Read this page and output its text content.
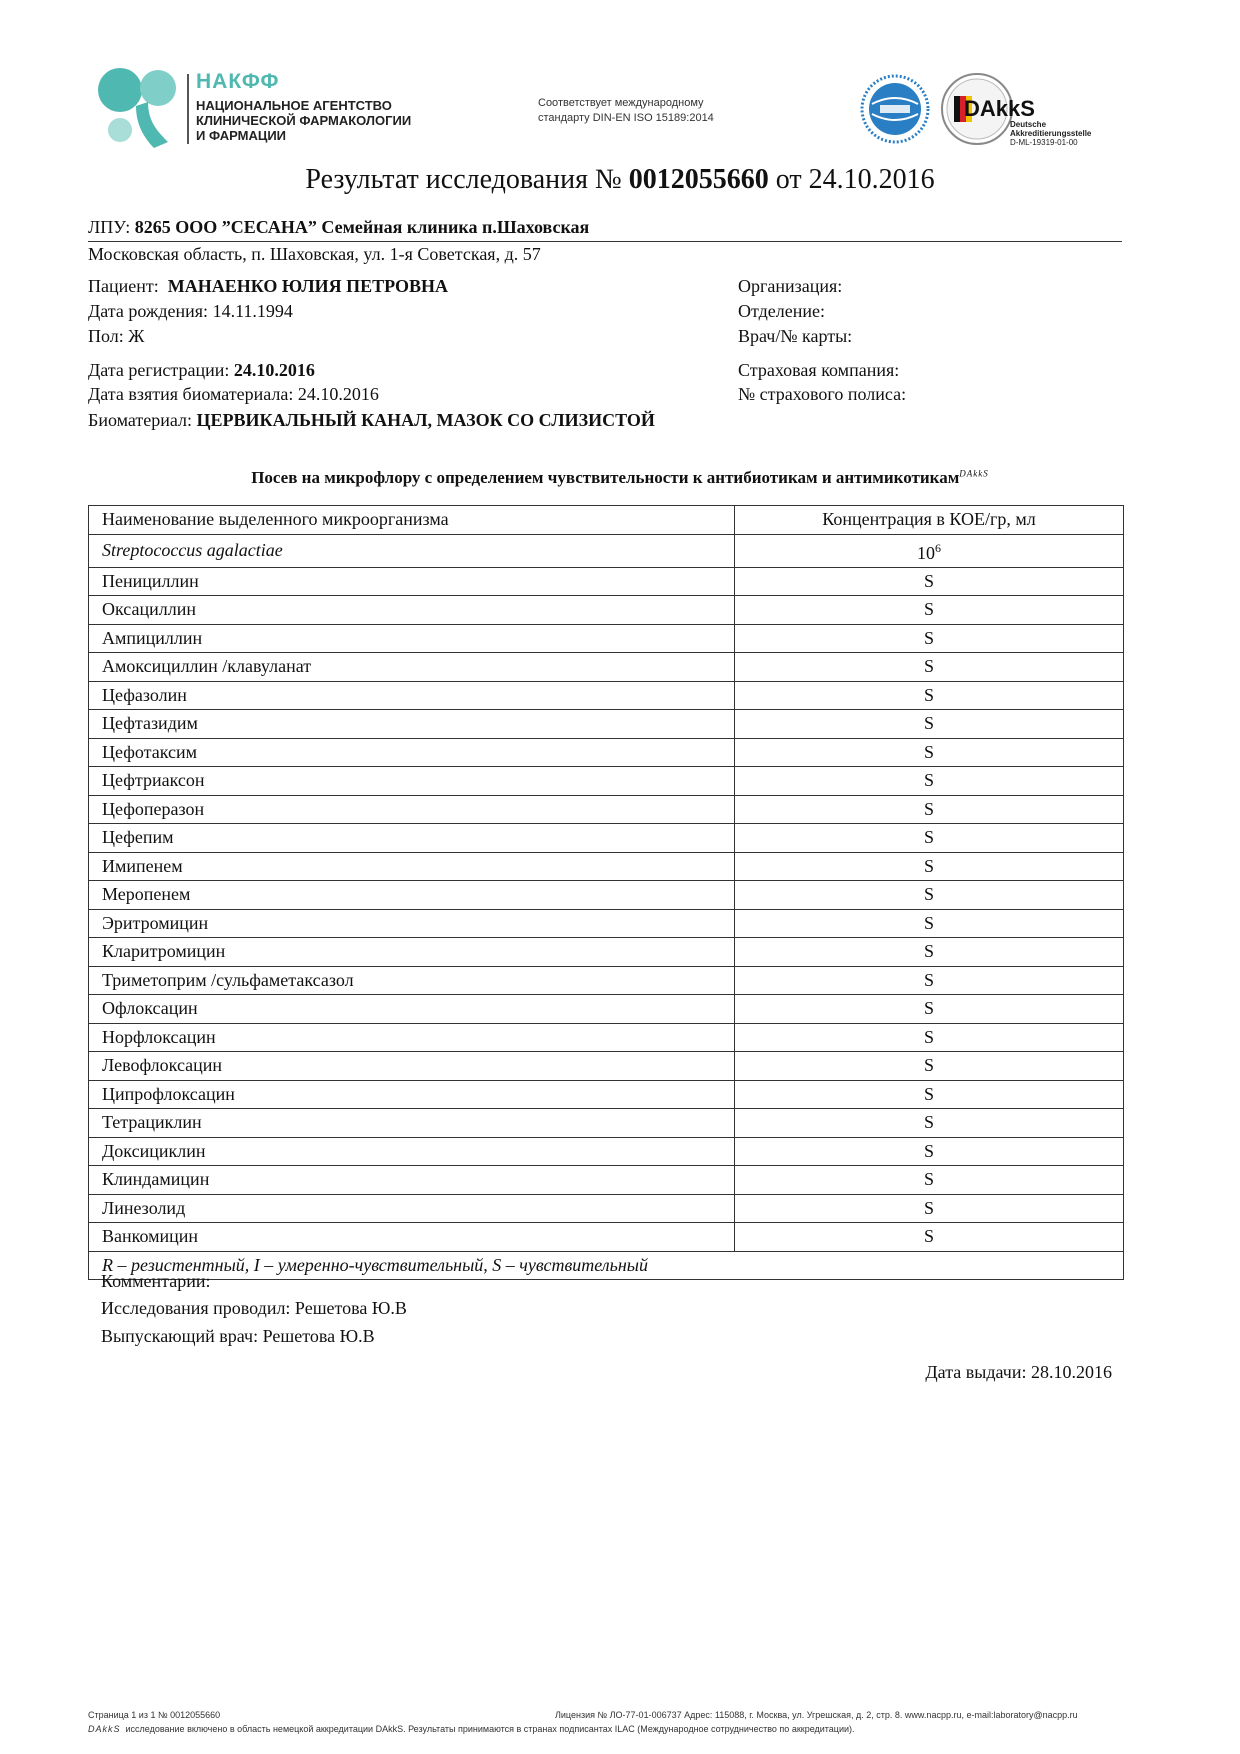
НАКФФ
НАЦИОНАЛЬНОЕ АГЕНТСТВО
КЛИНИЧЕСКОЙ ФАРМАКОЛОГИИ
И ФАРМАЦИИ
Соответствует международному
стандарту DIN-EN ISO 15189:2014	DAkkS
Deutsche
Akkreditierungsstelle
D-ML-19319-01-00
Результат исследования № 0012055660 от 24.10.2016
ЛПУ: 8265 ООО ”СЕСАНА” Семейная клиника п.Шаховская
Московская область, п. Шаховская, ул. 1-я Советская, д. 57
Пациент: МАНАЕНКО ЮЛИЯ ПЕТРОВНА
Дата рождения: 14.11.1994
Пол: Ж
Дата регистрации: 24.10.2016
Дата взятия биоматериала: 24.10.2016
Биоматериал: ЦЕРВИКАЛЬНЫЙ КАНАЛ, МАЗОК СО СЛИЗИСТОЙ
Организация:
Отделение:
Врач/№ карты:
Страховая компания:
№ страхового полиса:
Посев на микрофлору с определением чувствительности к антибиотикам и антимикотикам$^{DAkkS}$
Наименование выделенного микроорганизма	Концентрация в КОЕ/гр, мл
Streptococcus agalactiae	$10^6$
Пенициллин	S
Оксациллин	S
Ампициллин	S
Амоксициллин /клавуланат	S
Цефазолин	S
Цефтазидим	S
Цефотаксим	S
Цефтриаксон	S
Цефоперазон	S
Цефепим	S
Имипенем	S
Меропенем	S
Эритромицин	S
Кларитромицин	S
Триметоприм /сульфаметаксазол	S
Офлоксацин	S
Норфлоксацин	S
Левофлоксацин	S
Ципрофлоксацин	S
Тетрациклин	S
Доксициклин	S
Клиндамицин	S
Линезолид	S
Ванкомицин	S
R – резистентный, I – умеренно-чувствительный, S – чувствительный	
Комментарии:
Исследования проводил: Решетова Ю.В
Выпускающий врач: Решетова Ю.В
Дата выдачи: 28.10.2016
Страница 1 из 1 № 0012055660	Лицензия № ЛО-77-01-006737 Адрес: 115088, г. Москва, ул. Угрешская, д. 2, стр. 8. www.nacpp.ru, e-mail:laboratory@nacpp.ru
DAkkS исследование включено в область немецкой аккредитации DAkkS. Результаты принимаются в странах подписантах ILAC (Международное сотрудничество по аккредитации).
